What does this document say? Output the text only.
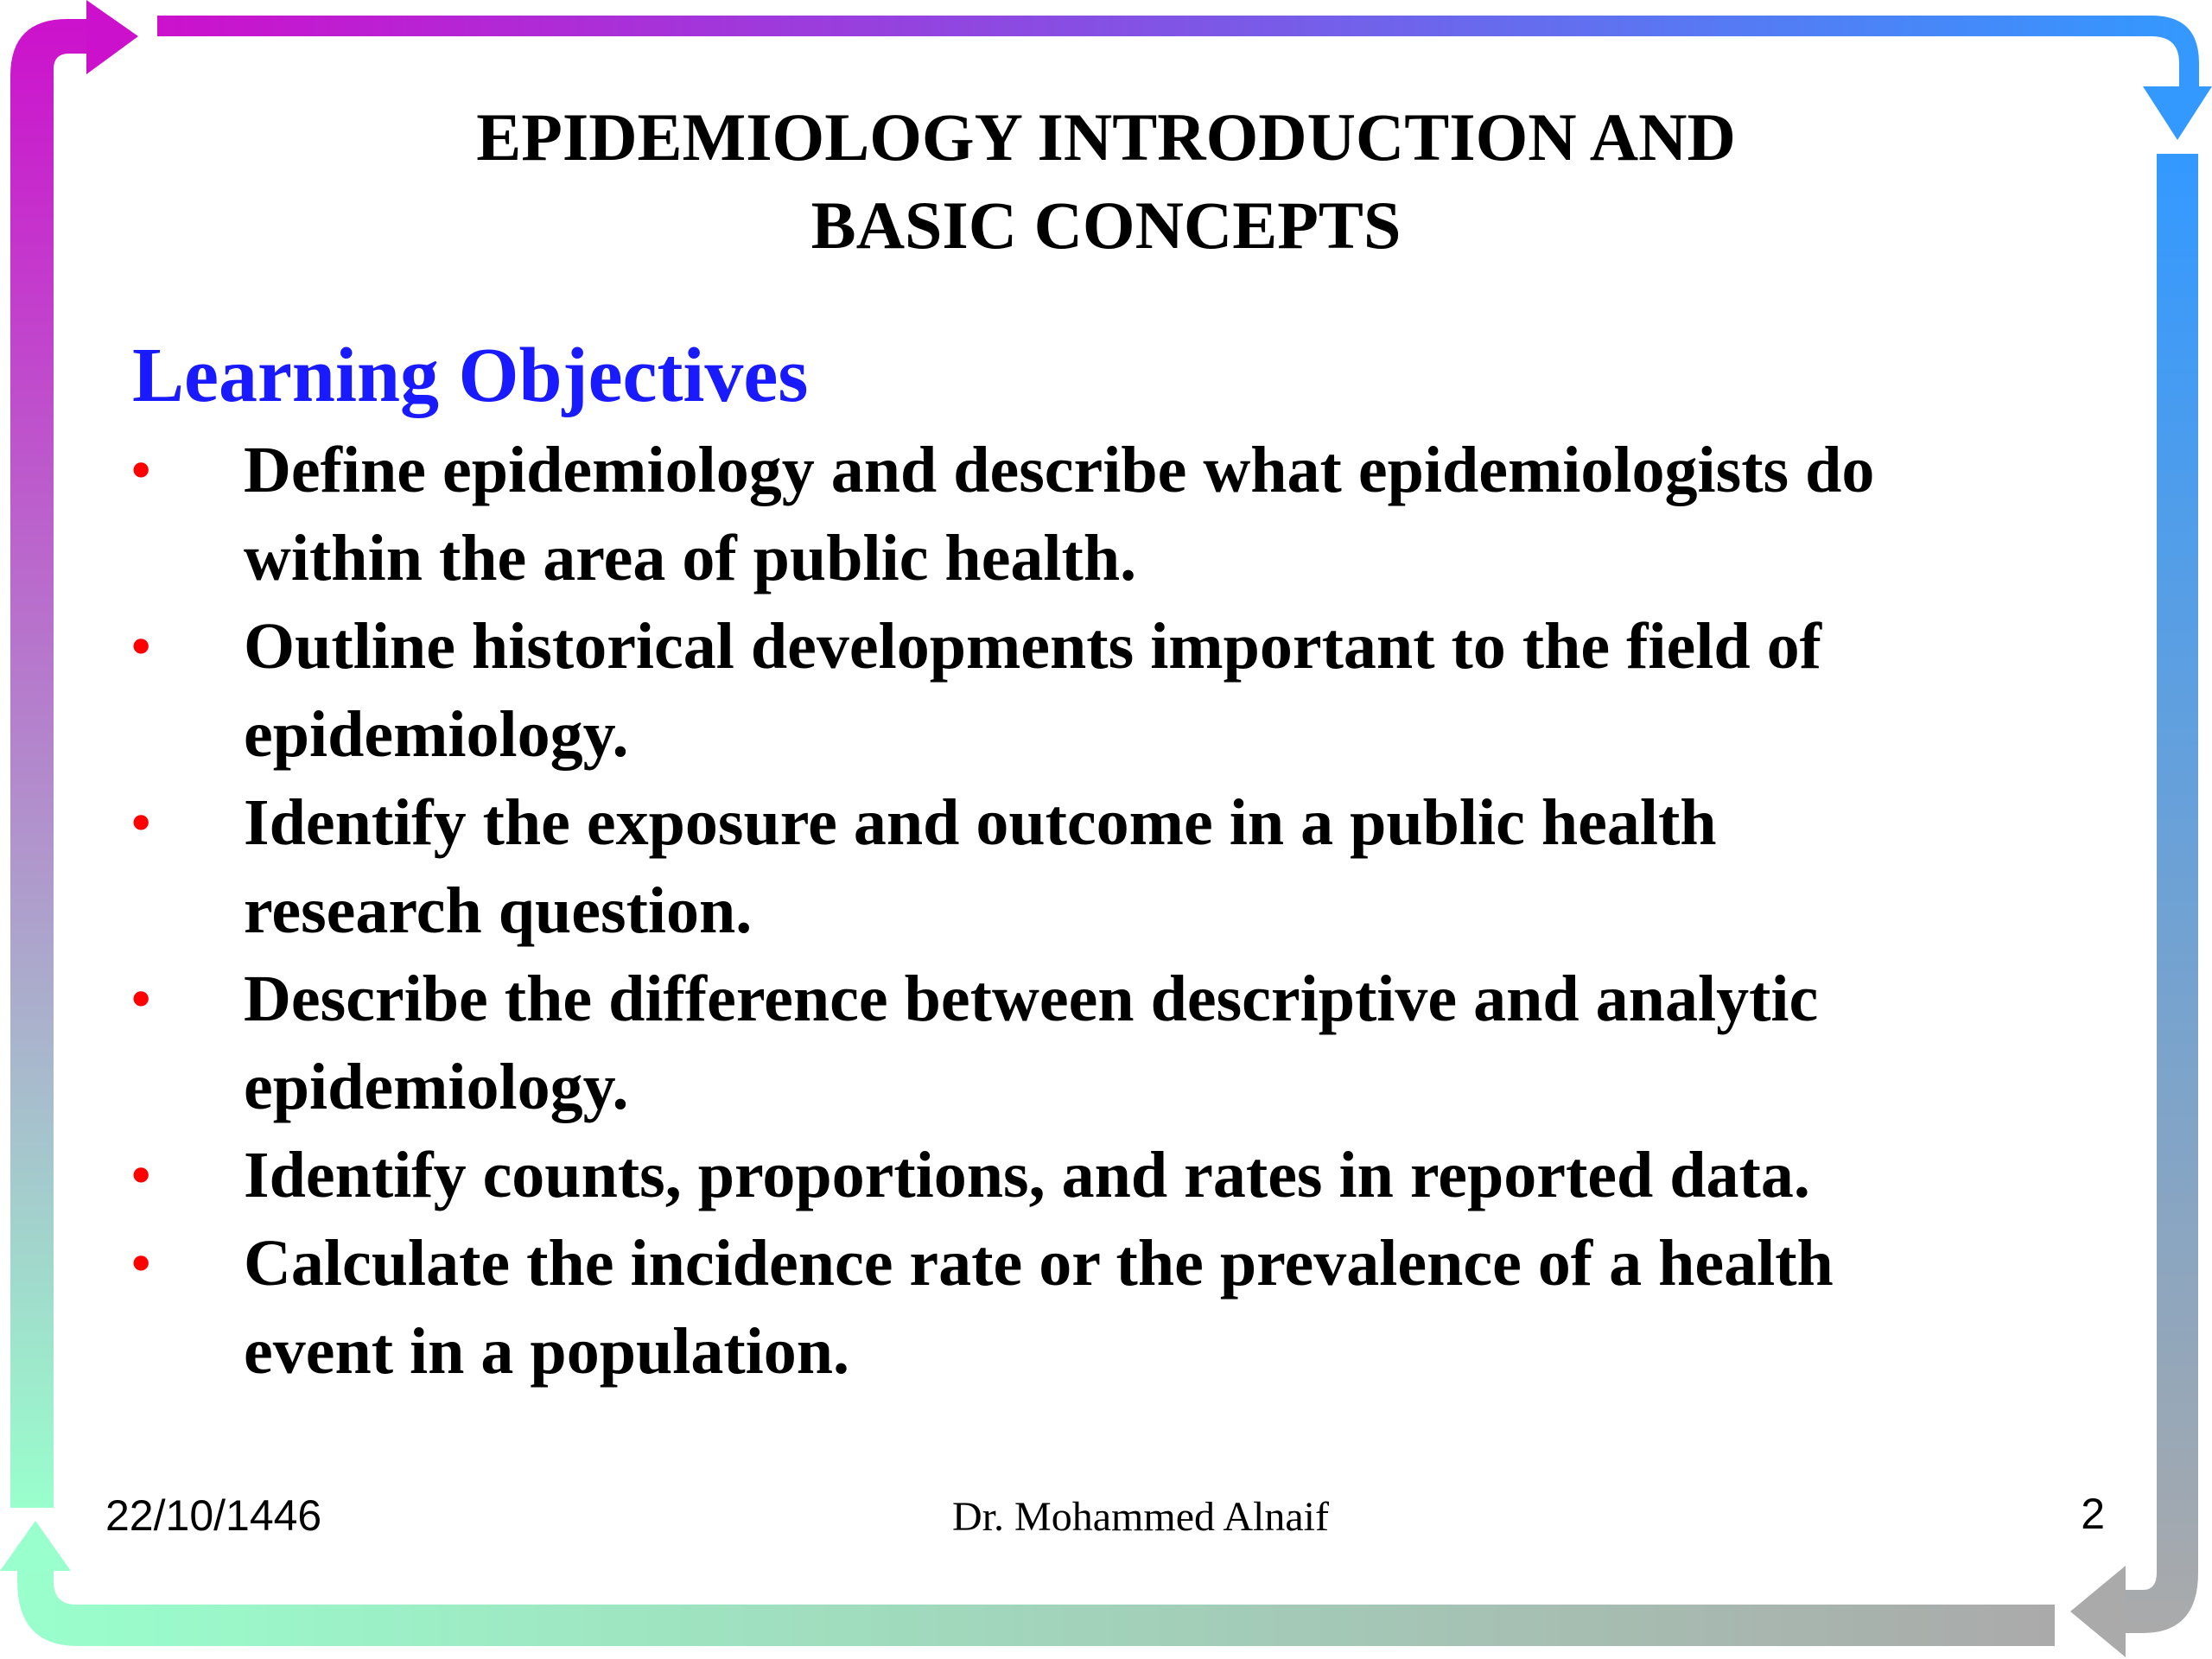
EPIDEMIOLOGY INTRODUCTION AND
BASIC CONCEPTS
Learning Objectives
•	Define epidemiology and describe what epidemiologists do
within the area of public health.
•	Outline historical developments important to the field of
epidemiology.
•	Identify the exposure and outcome in a public health
research question.
•	Describe the difference between descriptive and analytic
epidemiology.
•	Identify counts, proportions, and rates in reported data.
•	Calculate the incidence rate or the prevalence of a health
event in a population.
22/10/1446	Dr. Mohammed Alnaif	2
